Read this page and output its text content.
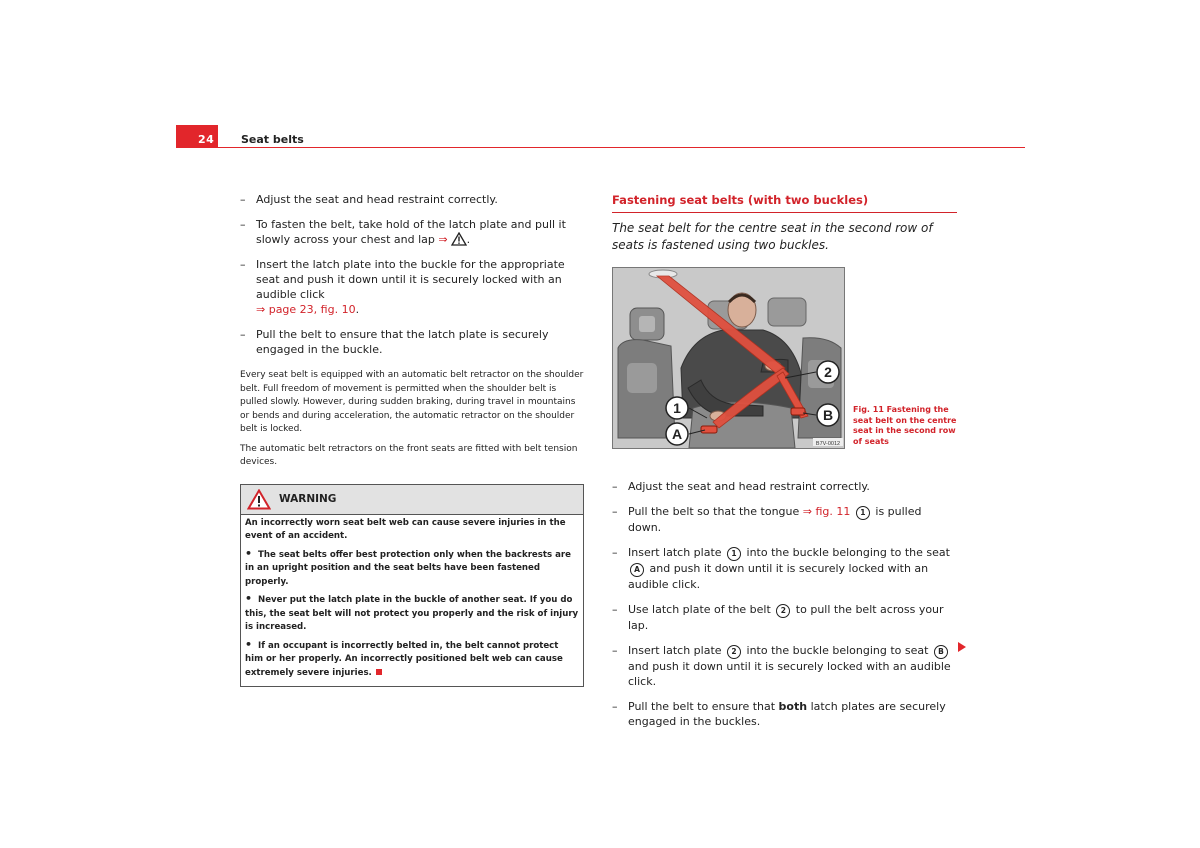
24	Seat belts
– Adjust the seat and head restraint correctly.
– To fasten the belt, take hold of the latch plate and pull it slowly across your chest and lap ⇒ .
– Insert the latch plate into the buckle for the appropriate seat and push it down until it is securely locked with an audible click
⇒ page 23, fig. 10.
– Pull the belt to ensure that the latch plate is securely engaged in the buckle.

Every seat belt is equipped with an automatic belt retractor on the shoulder belt. Full freedom of movement is permitted when the shoulder belt is pulled slowly. However, during sudden braking, during travel in mountains or bends and during acceleration, the automatic retractor on the shoulder belt is locked.

The automatic belt retractors on the front seats are fitted with belt tension devices.

WARNING

An incorrectly worn seat belt web can cause severe injuries in the event of an accident.

• The seat belts offer best protection only when the backrests are in an upright position and the seat belts have been fastened properly.

• Never put the latch plate in the buckle of another seat. If you do this, the seat belt will not protect you properly and the risk of injury is increased.

• If an occupant is incorrectly belted in, the belt cannot protect him or her properly. An incorrectly positioned belt web can cause extremely severe injuries.

Fastening seat belts (with two buckles)

The seat belt for the centre seat in the second row of seats is fastened using two buckles.

1
2
A
B
B7V-0012
Fig. 11 Fastening the seat belt on the centre seat in the second row of seats
– Adjust the seat and head restraint correctly.
– Pull the belt so that the tongue ⇒ fig. 11 1 is pulled down.
– Insert latch plate 1 into the buckle belonging to the seat A and push it down until it is securely locked with an audible click.
– Use latch plate of the belt 2 to pull the belt across your lap.
– Insert latch plate 2 into the buckle belonging to seat B and push it down until it is securely locked with an audible click.
– Pull the belt to ensure that both latch plates are securely engaged in the buckles.
